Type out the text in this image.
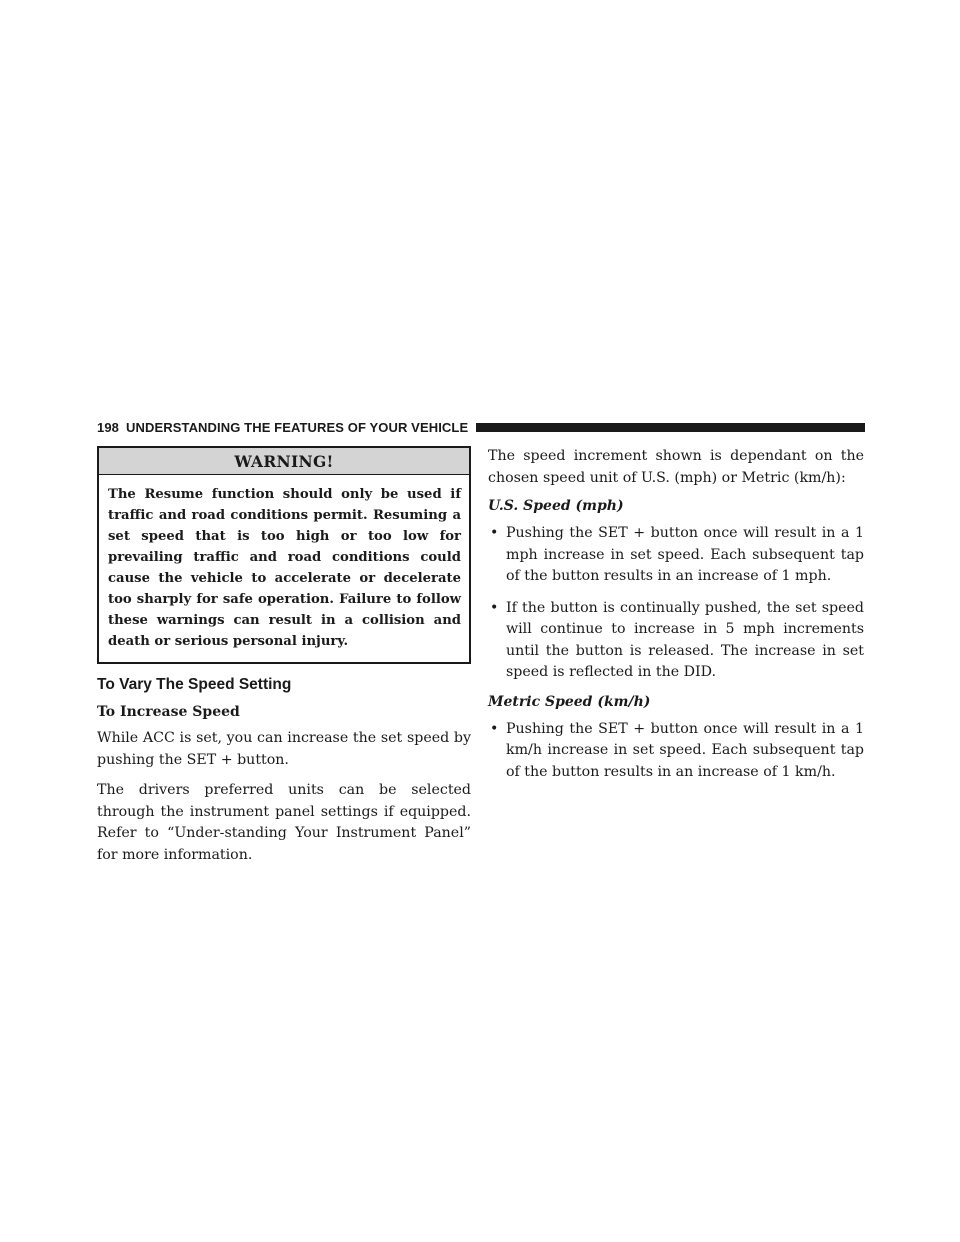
198 UNDERSTANDING THE FEATURES OF YOUR VEHICLE
WARNING!
The Resume function should only be used if traffic and road conditions permit. Resuming a set speed that is too high or too low for prevailing traffic and road conditions could cause the vehicle to accelerate or decelerate too sharply for safe operation. Failure to follow these warnings can result in a collision and death or serious personal injury.
To Vary The Speed Setting
To Increase Speed

While ACC is set, you can increase the set speed by pushing the SET + button.

The drivers preferred units can be selected through the instrument panel settings if equipped. Refer to “Under-standing Your Instrument Panel” for more information.

The speed increment shown is dependant on the chosen speed unit of U.S. (mph) or Metric (km/h):

U.S. Speed (mph)
• Pushing the SET + button once will result in a 1 mph increase in set speed. Each subsequent tap of the button results in an increase of 1 mph.
• If the button is continually pushed, the set speed will continue to increase in 5 mph increments until the button is released. The increase in set speed is reflected in the DID.
Metric Speed (km/h)
• Pushing the SET + button once will result in a 1 km/h increase in set speed. Each subsequent tap of the button results in an increase of 1 km/h.
